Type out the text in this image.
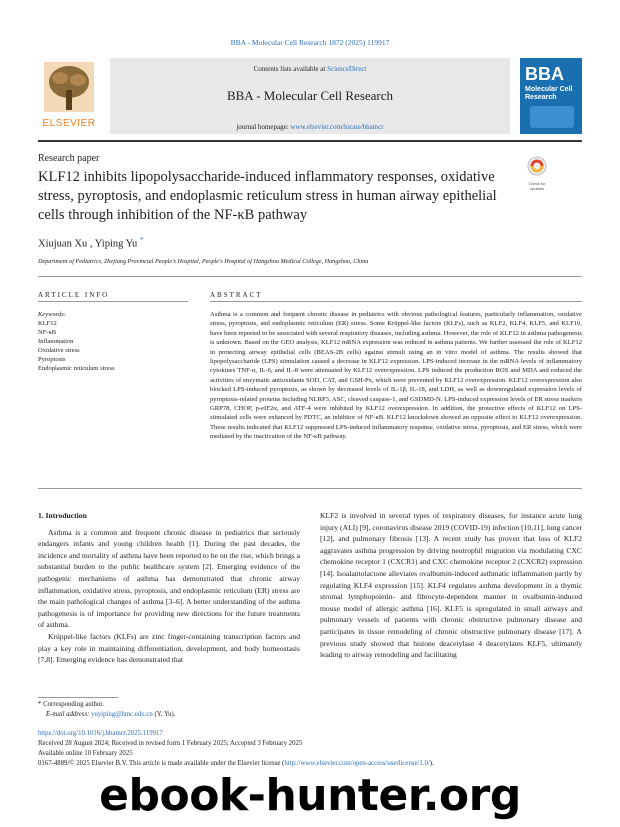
BBA - Molecular Cell Research 1872 (2025) 119917
Contents lists available at ScienceDirect
BBA - Molecular Cell Research
journal homepage: www.elsevier.com/locate/bbamcr
ELSEVIER
BBA
Molecular Cell Research
Research paper
KLF12 inhibits lipopolysaccharide-induced inflammatory responses, oxidative stress, pyroptosis, and endoplasmic reticulum stress in human airway epithelial cells through inhibition of the NF-κB pathway
Check for updates
Xiujuan Xu , Yiping Yu *
Department of Pediatrics, Zhejiang Provincial People's Hospital, People's Hospital of Hangzhou Medical College, Hangzhou, China
ARTICLE INFO	ABSTRACT
Keywords:
KLF12
NF-κB
Inflammation
Oxidative stress
Pyroptosis
Endoplasmic reticulum stress
Asthma is a common and frequent chronic disease in pediatrics with obvious pathological features, particularly inflammation, oxidative stress, pyroptosis, and endoplasmic reticulum (ER) stress. Some Krüppel-like factors (KLFs), such as KLF2, KLF4, KLF5, and KLF10, have been reported to be associated with several respiratory diseases, including asthma. However, the role of KLF12 in asthma pathogenesis is unknown. Based on the GEO analysis, KLF12 mRNA expression was reduced in asthma patients. We further assessed the role of KLF12 in protecting airway epithelial cells (BEAS-2B cells) against stimuli using an in vitro model of asthma. The results showed that lipopolysaccharide (LPS) stimulation caused a decrease in KLF12 expression. LPS-induced increase in the mRNA levels of inflammatory cytokines TNF-α, IL-6, and IL-8 were attenuated by KLF12 overexpression. LPS induced the production ROS and MDA and reduced the activities of enzymatic antioxidants SOD, CAT, and GSH-Px, which were prevented by KLF12 overexpression. KLF12 overexpression also blocked LPS-induced pyroptosis, as shown by decreased levels of IL-1β, IL-18, and LDH, as well as downregulated expression levels of pyroptosis-related proteins including NLRP3, ASC, cleaved caspase-1, and GSDMD-N. LPS-induced expression levels of ER stress markers GRP78, CHOP, p-eIF2α, and ATF-4 were inhibited by KLF12 overexpression. In addition, the protective effects of KLF12 on LPS-stimulated cells were enhanced by PDTC, an inhibitor of NF-κB. KLF12 knockdown showed an opposite effect to KLF12 overexpression. These results indicated that KLF12 suppressed LPS-induced inflammatory response, oxidative stress, pyroptosis, and ER stress, which were mediated by the inactivation of the NF-κB pathway.
1. Introduction

Asthma is a common and frequent chronic disease in pediatrics that seriously endangers infants and young children health [1]. During the past decades, the incidence and mortality of asthma have been reported to be on the rise, which brings a substantial burden to the public healthcare system [2]. Emerging evidence of the pathogenic mechanisms of asthma has demonstrated that chronic airway inflammation, oxidative stress, pyroptosis, and endoplasmic reticulum (ER) stress are the main pathological changes of asthma [3–6]. A better understanding of the asthma pathogenesis is of importance for providing new directions for the future treatments of asthma.

Krüppel-like factors (KLFs) are zinc finger-containing transcription factors and play a key role in maintaining differentiation, development, and body homeostasis [7,8]. Emerging evidence has demonstrated that

KLF2 is involved in several types of respiratory diseases, for instance acute lung injury (ALI) [9], coronavirus disease 2019 (COVID-19) infection [10,11], lung cancer [12], and pulmonary fibrosis [13]. A recent study has proven that loss of KLF2 aggravates asthma progression by driving neutrophil migration via modulating CXC chemokine receptor 1 (CXCR1) and CXC chemokine receptor 2 (CXCR2) expression [14]. Isoalantolactone alleviates ovalbumin-induced asthmatic inflammation partly by regulating KLF4 expression [15]. KLF4 regulates asthma development in a thymic stromal lymphopoietin- and fibrocyte-dependent manner in ovalbumin-induced mouse model of allergic asthma [16]. KLF5 is upregulated in small airways and pulmonary vessels of patients with chronic obstructive pulmonary disease and participates in tissue remodeling of chronic obstructive pulmonary disease [17]. A previous study showed that histone deacetylase 4 deacetylates KLF5, ultimately leading to airway remodeling and facilitating

* Corresponding author.
E-mail address: yuyiping@hmc.edu.cn (Y. Yu).
https://doi.org/10.1016/j.bbamcr.2025.119917
Received 28 August 2024; Received in revised form 1 February 2025; Accepted 3 February 2025
Available online 10 February 2025
0167-4889/© 2025 Elsevier B.V. This article is made available under the Elsevier license (http://www.elsevier.com/open-access/userlicense/1.0/).
ebook-hunter.org
